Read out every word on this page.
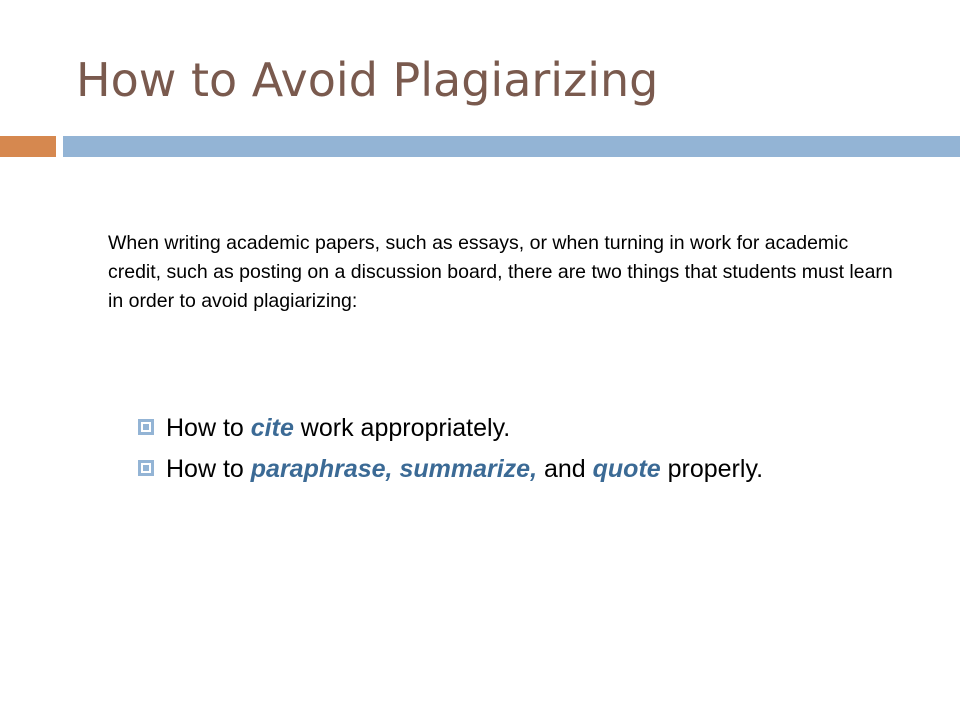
How to Avoid Plagiarizing

When writing academic papers, such as essays, or when turning in work for academic credit, such as posting on a discussion board, there are two things that students must learn in order to avoid plagiarizing:

How to cite work appropriately.
How to paraphrase, summarize, and quote properly.
